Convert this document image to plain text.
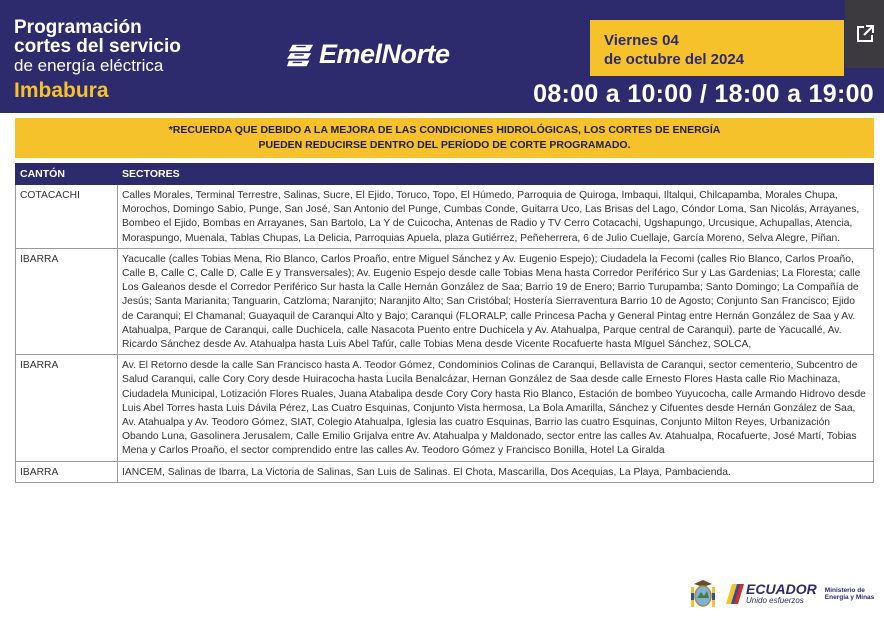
Programación
cortes del servicio
de energía eléctrica
Imbabura
EmelNorte	Viernes 04
de octubre del 2024
08:00 a 10:00 / 18:00 a 19:00
*RECUERDA QUE DEBIDO A LA MEJORA DE LAS CONDICIONES HIDROLÓGICAS, LOS CORTES DE ENERGÍA
PUEDEN REDUCIRSE DENTRO DEL PERÍODO DE CORTE PROGRAMADO.
CANTÓN	SECTORES
COTACACHI	Calles Morales, Terminal Terrestre, Salinas, Sucre, El Ejido, Toruco, Topo, El Húmedo, Parroquia de Quiroga, Imbaqui, Iltalqui, Chilcapamba, Morales Chupa, Morochos, Domingo Sabio, Punge, San José, San Antonio del Punge, Cumbas Conde, Guitarra Uco, Las Brisas del Lago, Cóndor Loma, San Nicolás, Arrayanes, Bombeo el Ejido, Bombas en Arrayanes, San Bartolo, La Y de Cuicocha, Antenas de Radio y TV Cerro Cotacachi, Ugshapungo, Urcusique, Achupallas, Atencia, Moraspungo, Muenala, Tablas Chupas, La Delicia, Parroquias Apuela, plaza Gutiérrez, Peñeherrera, 6 de Julio Cuellaje, García Moreno, Selva Alegre, Piñan.
IBARRA	Yacucalle (calles Tobias Mena, Rio Blanco, Carlos Proaño, entre Miguel Sánchez y Av. Eugenio Espejo); Ciudadela la Fecomi (calles Rio Blanco, Carlos Proaño, Calle B, Calle C, Calle D, Calle E y Transversales); Av. Eugenio Espejo desde calle Tobias Mena hasta Corredor Periférico Sur y Las Gardenias; La Floresta; calle Los Galeanos desde el Corredor Periférico Sur hasta la Calle Hernán González de Saa; Barrio 19 de Enero; Barrio Turupamba; Santo Domingo; La Compañía de Jesús; Santa Marianita; Tanguarin, Catzloma; Naranjito; Naranjito Alto; San Cristóbal; Hostería Sierraventura Barrio 10 de Agosto; Conjunto San Francisco; Ejido de Caranqui; El Chamanal; Guayaquil de Caranqui Alto y Bajo; Caranqui (FLORALP, calle Princesa Pacha y General Pintag entre Hernán González de Saa y Av. Atahualpa, Parque de Caranqui, calle Duchicela, calle Nasacota Puento entre Duchicela y Av. Atahualpa, Parque central de Caranqui). parte de Yacucallé, Av. Ricardo Sánchez desde Av. Atahualpa hasta Luis Abel Tafúr, calle Tobias Mena desde Vicente Rocafuerte hasta MIguel Sánchez, SOLCA,
IBARRA	Av. El Retorno desde la calle San Francisco hasta A. Teodor Gómez, Condominios Colinas de Caranqui, Bellavista de Caranqui, sector cementerio, Subcentro de Salud Caranqui, calle Cory Cory desde Huiracocha hasta Lucila Benalcázar, Hernan González de Saa desde calle Ernesto Flores Hasta calle Rio Machinaza, Ciudadela Municipal, Lotización Flores Ruales, Juana Atabalipa desde Cory Cory hasta Rio Blanco, Estación de bombeo Yuyucocha, calle Armando Hidrovo desde Luis Abel Torres hasta Luis Dávila Pérez, Las Cuatro Esquinas, Conjunto Vista hermosa, La Bola Amarilla, Sánchez y Cifuentes desde Hernán González de Saa, Av. Atahualpa y Av. Teodoro Gómez, SIAT, Colegio Atahualpa, Iglesia las cuatro Esquinas, Barrio las cuatro Esquinas, Conjunto Milton Reyes, Urbanización Obando Luna, Gasolinera Jerusalem, Calle Emilio Grijalva entre Av. Atahualpa y Maldonado, sector entre las calles Av. Atahualpa, Rocafuerte, José Martí, Tobias Mena y Carlos Proaño, el sector comprendido entre las calles Av. Teodoro Gómez y Francisco Bonilla, Hotel La Giralda
IBARRA	IANCEM, Salinas de Ibarra, La Victoria de Salinas, San Luis de Salinas. El Chota, Mascarilla, Dos Acequias, La Playa, Pambacienda.
ECUADOR
Unido esfuerzos
Ministerio de
Energía y Minas
